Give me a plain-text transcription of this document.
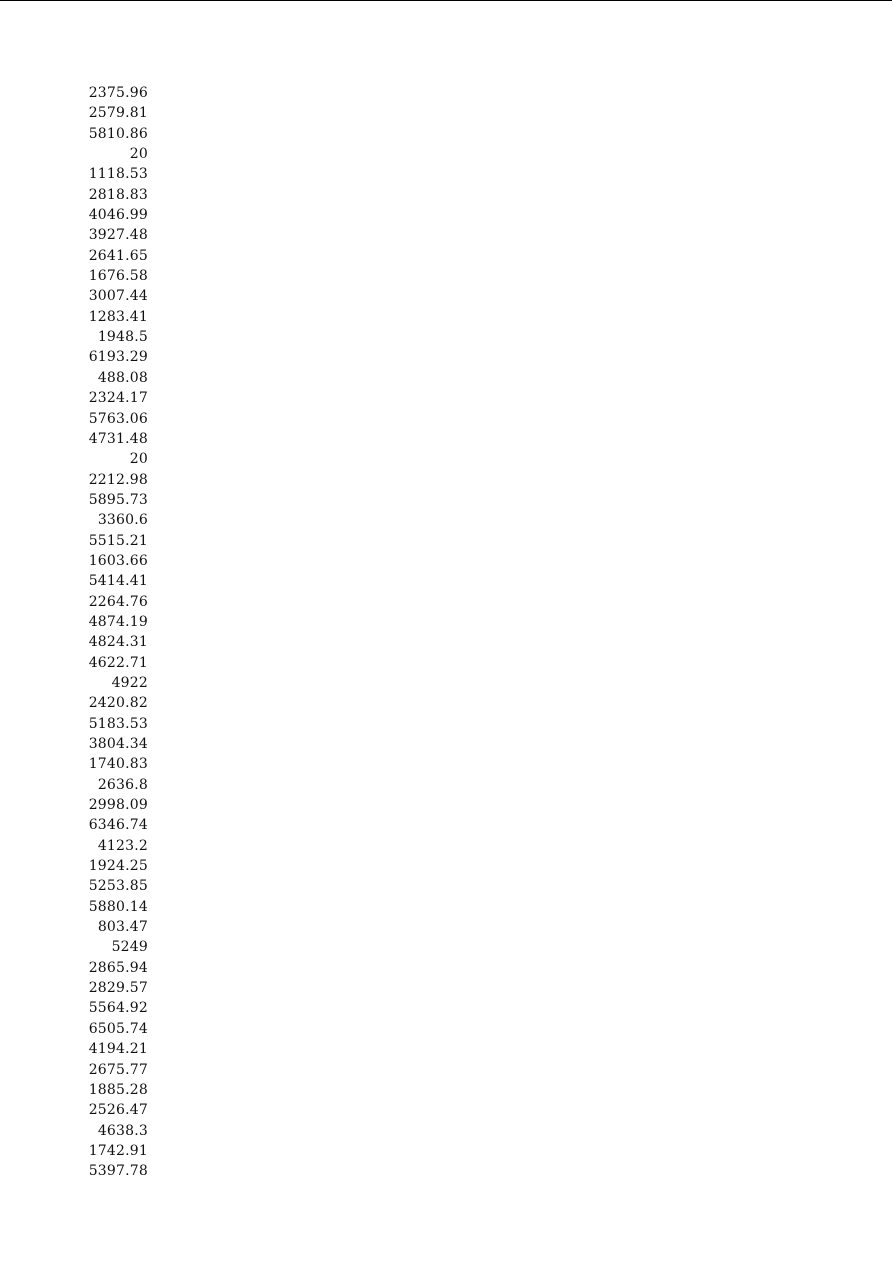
2375.96
2579.81
5810.86
20
1118.53
2818.83
4046.99
3927.48
2641.65
1676.58
3007.44
1283.41
1948.5
6193.29
488.08
2324.17
5763.06
4731.48
20
2212.98
5895.73
3360.6
5515.21
1603.66
5414.41
2264.76
4874.19
4824.31
4622.71
4922
2420.82
5183.53
3804.34
1740.83
2636.8
2998.09
6346.74
4123.2
1924.25
5253.85
5880.14
803.47
5249
2865.94
2829.57
5564.92
6505.74
4194.21
2675.77
1885.28
2526.47
4638.3
1742.91
5397.78
